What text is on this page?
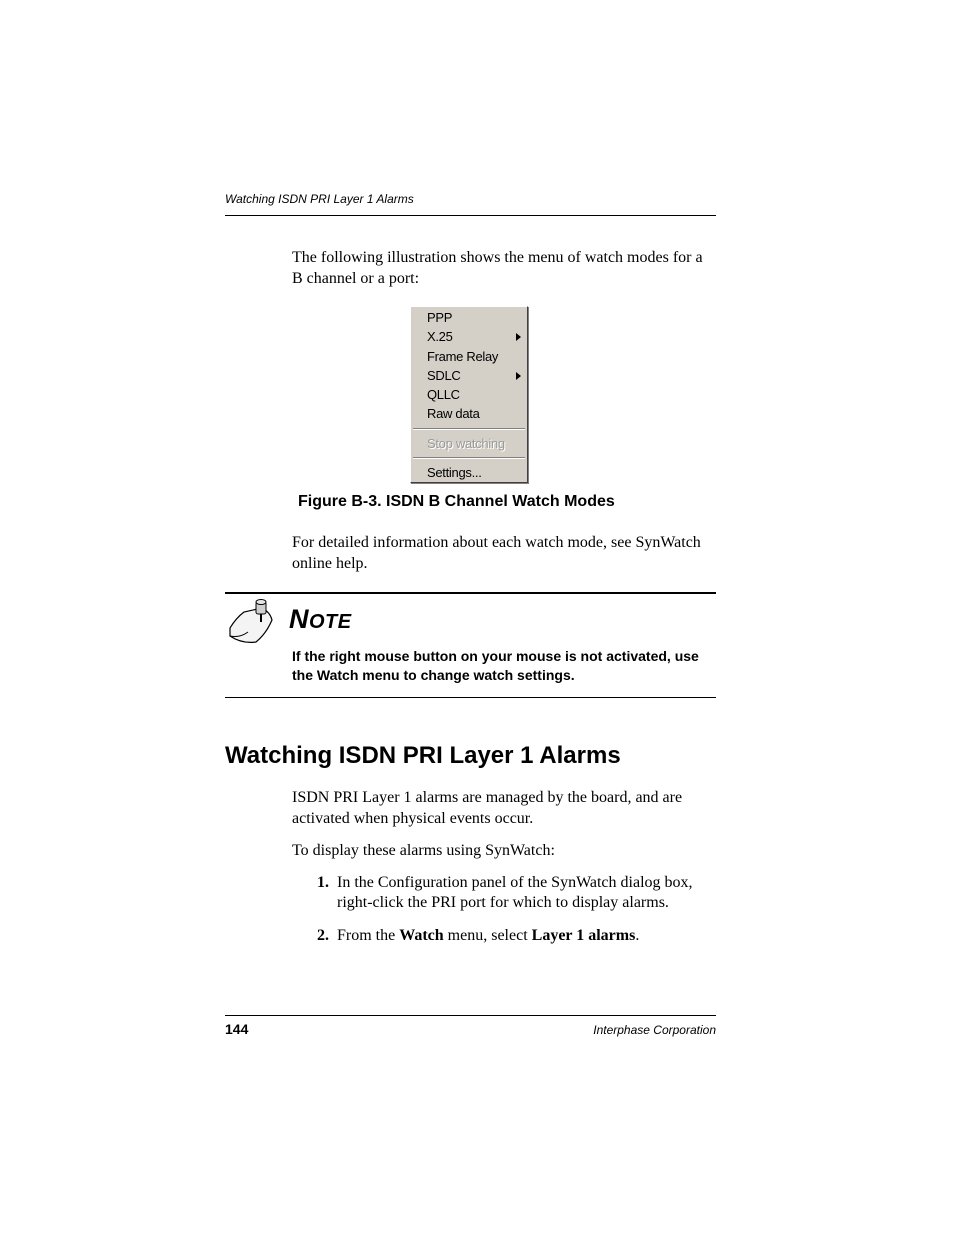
Watching ISDN PRI Layer 1 Alarms
The following illustration shows the menu of watch modes for a B channel or a port:
PPP
X.25
Frame Relay
SDLC
QLLC
Raw data
Stop watching
Settings...
Figure B-3. ISDN B Channel Watch Modes
For detailed information about each watch mode, see SynWatch online help.
NOTE
If the right mouse button on your mouse is not activated, use the Watch menu to change watch settings.
Watching ISDN PRI Layer 1 Alarms
ISDN PRI Layer 1 alarms are managed by the board, and are activated when physical events occur.
To display these alarms using SynWatch:
1. In the Configuration panel of the SynWatch dialog box, right-click the PRI port for which to display alarms.
2. From the Watch menu, select Layer 1 alarms.
144	Interphase Corporation
